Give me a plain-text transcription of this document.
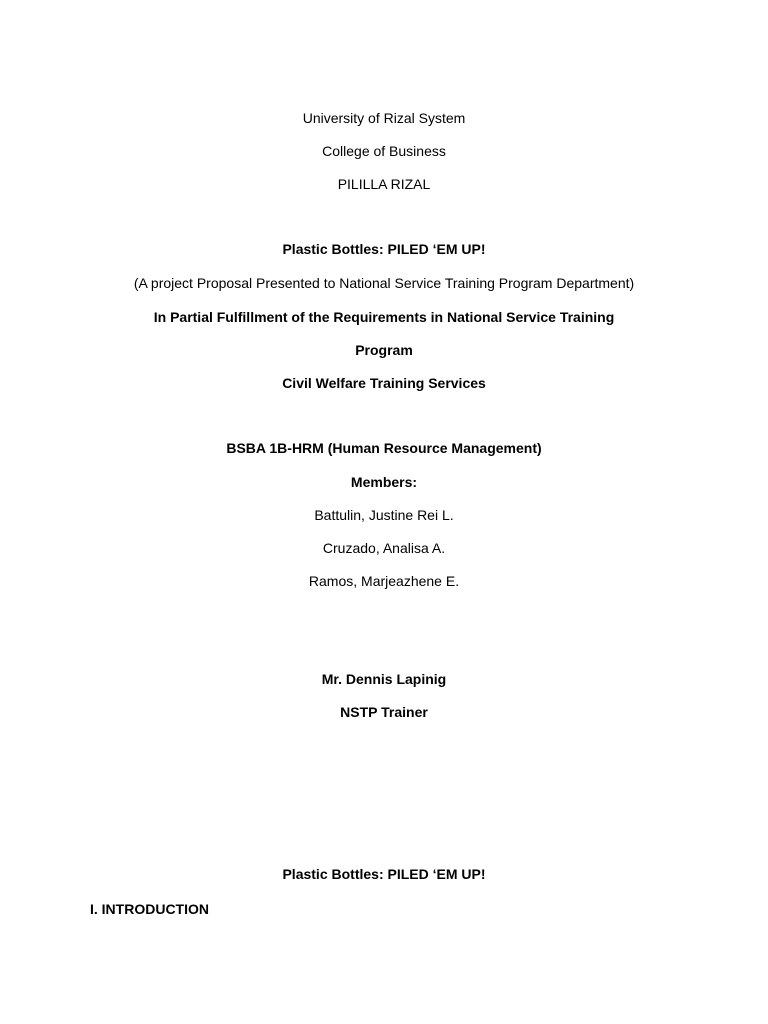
University of Rizal System
College of Business
PILILLA RIZAL
Plastic Bottles: PILED ‘EM UP!
(A project Proposal Presented to National Service Training Program Department)
In Partial Fulfillment of the Requirements in National Service Training
Program
Civil Welfare Training Services
BSBA 1B-HRM (Human Resource Management)
Members:
Battulin, Justine Rei L.
Cruzado, Analisa A.
Ramos, Marjeazhene E.
Mr. Dennis Lapinig
NSTP Trainer
Plastic Bottles: PILED ‘EM UP!
I. INTRODUCTION
